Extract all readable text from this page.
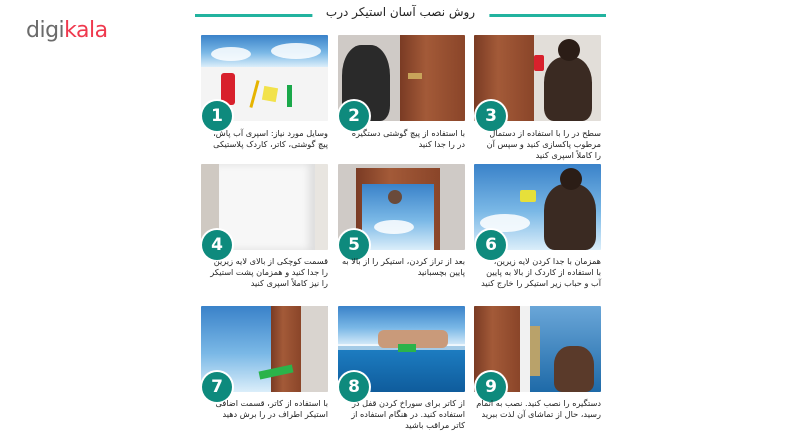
digikala
روش نصب آسان استیکر درب
1
وسایل مورد نیاز: اسپری آب پاش،
پیچ گوشتی، کاتر، کاردک پلاستیکی
2
با استفاده از پیچ گوشتی دستگیره
در را جدا کنید
3
سطح در را با استفاده از دستمال
مرطوب پاکسازی کنید و سپس آن
را کاملاً اسپری کنید
4
قسمت کوچکی از بالای لایه زیرین
را جدا کنید و همزمان پشت استیکر
را نیز کاملاً اسپری کنید
5
بعد از تراز کردن، استیکر را از بالا به
پایین بچسبانید
6
همزمان با جدا کردن لایه زیرین،
با استفاده از کاردک از بالا به پایین
آب و حباب زیر استیکر را خارج کنید
7
با استفاده از کاتر، قسمت اضافی
استیکر اطراف در را برش دهید
8
از کاتر برای سوراخ کردن قفل در
استفاده کنید. در هنگام استفاده از
کاتر مراقب باشید
9
دستگیره را نصب کنید. نصب به اتمام
رسید، حال از تماشای آن لذت ببرید
